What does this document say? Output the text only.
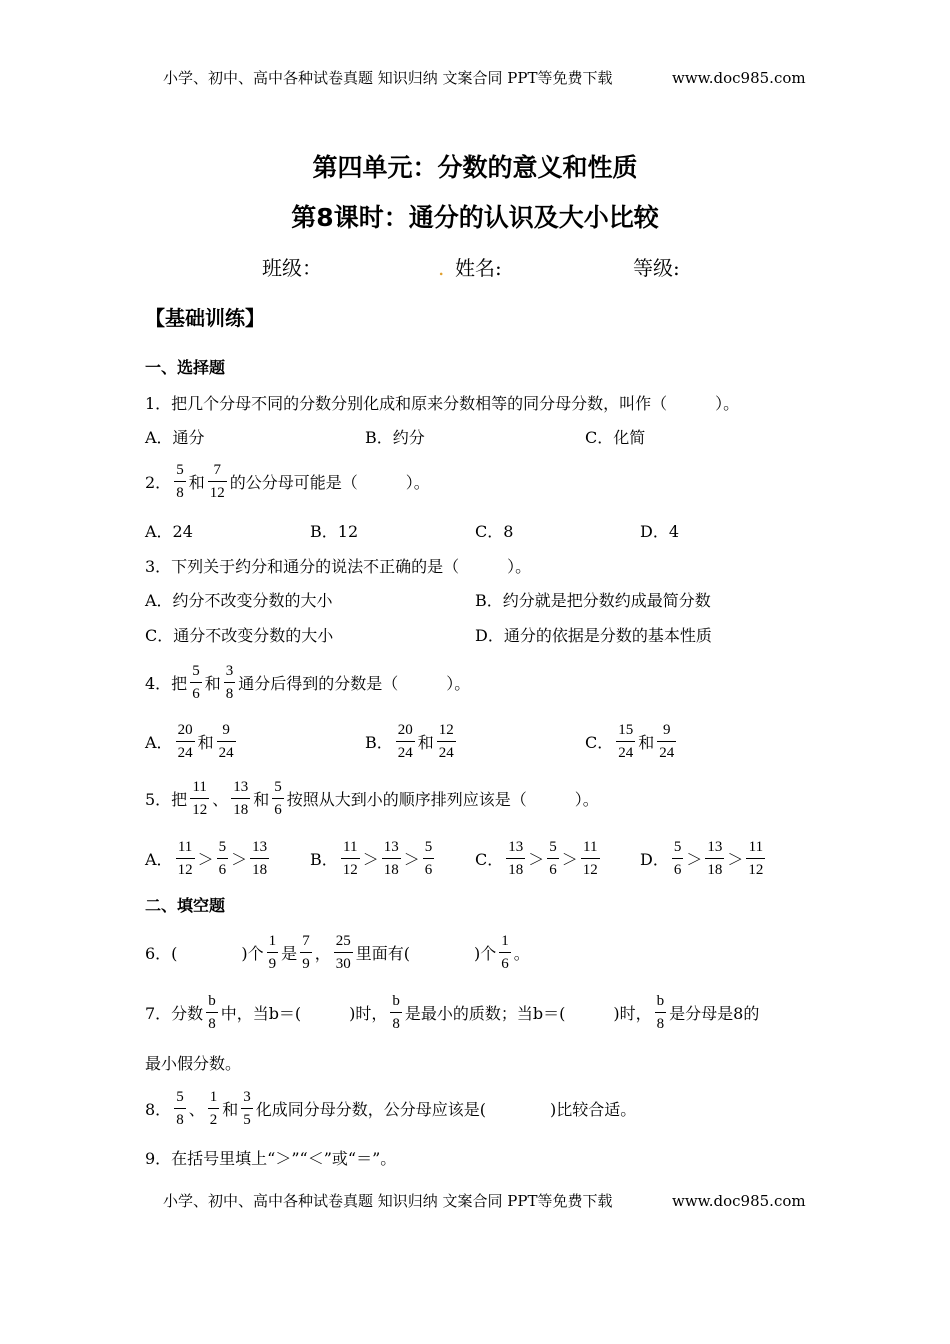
小学、初中、高中各种试卷真题 知识归纳 文案合同 PPT等免费下载	www.doc985.com
第四单元：分数的意义和性质
第8课时：通分的认识及大小比较
班级：	. 姓名:	等级:
【基础训练】
一、选择题
1．把几个分母不同的分数分别化成和原来分数相等的同分母分数，叫作（　　　）。
A．通分	B．约分	C．化简
2． $\frac{5}{8}$ 和 $\frac{7}{12}$ 的公分母可能是（　　　）。
A．24	B．12	C．8	D．4
3．下列关于约分和通分的说法不正确的是（　　　）。
A．约分不改变分数的大小	B．约分就是把分数约成最简分数
C．通分不改变分数的大小	D．通分的依据是分数的基本性质
4．把 $\frac{5}{6}$ 和 $\frac{3}{8}$ 通分后得到的分数是（　　　）。
A． $\frac{20}{24}$ 和 $\frac{9}{24}$	B． $\frac{20}{24}$ 和 $\frac{12}{24}$	C． $\frac{15}{24}$ 和 $\frac{9}{24}$
5．把 $\frac{11}{12}$ 、 $\frac{13}{18}$ 和 $\frac{5}{6}$ 按照从大到小的顺序排列应该是（　　　）。
A． $\frac{11}{12} > \frac{5}{6} > \frac{13}{18}$	B． $\frac{11}{12} > \frac{13}{18} > \frac{5}{6}$	C． $\frac{13}{18} > \frac{5}{6} > \frac{11}{12}$	D． $\frac{5}{6} > \frac{13}{18} > \frac{11}{12}$
二、填空题
6．(　　　　)个 $\frac{1}{9}$ 是 $\frac{7}{9}$ ， $\frac{25}{30}$ 里面有(　　　　)个 $\frac{1}{6}$ 。
7．分数 $\frac{b}{8}$ 中，当b＝(　　　)时， $\frac{b}{8}$ 是最小的质数；当b＝(　　　)时， $\frac{b}{8}$ 是分母是8的
最小假分数。
8． $\frac{5}{8}$ 、 $\frac{1}{2}$ 和 $\frac{3}{5}$ 化成同分母分数，公分母应该是(　　　　)比较合适。
9．在括号里填上“＞”“＜”或“＝”。
小学、初中、高中各种试卷真题 知识归纳 文案合同 PPT等免费下载	www.doc985.com
